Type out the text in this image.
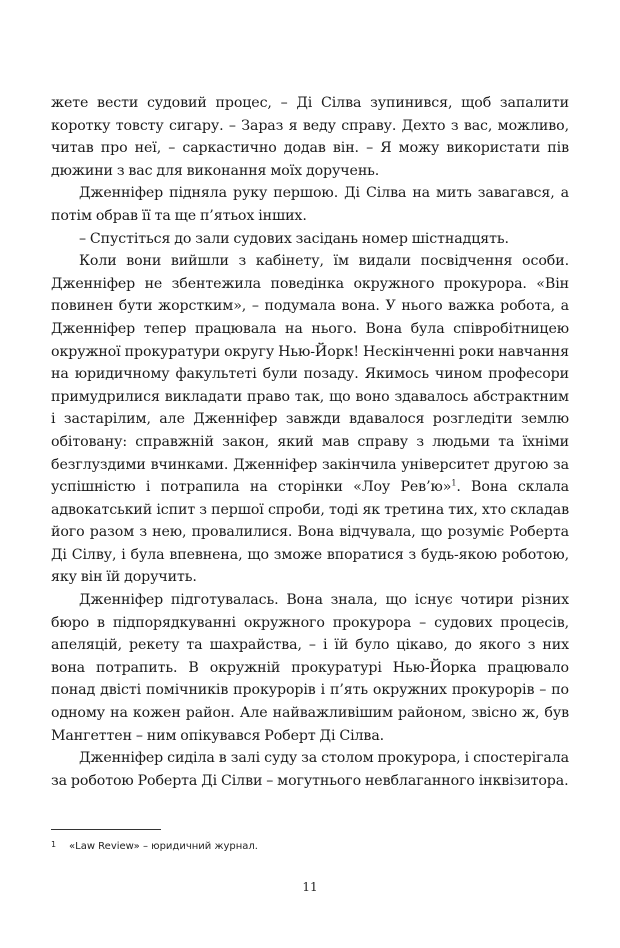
жете вести судовий процес, – Ді Сілва зупинився, щоб запалити коротку товсту сигару. – Зараз я веду справу. Дехто з вас, можливо, читав про неї, – саркастично додав він. – Я можу використати пів дюжини з вас для виконання моїх доручень.

Дженніфер підняла руку першою. Ді Сілва на мить завагався, а потім обрав її та ще п’ятьох інших.

– Спустіться до зали судових засідань номер шістнадцять.

Коли вони вийшли з кабінету, їм видали посвідчення особи. Дженніфер не збентежила поведінка окружного прокурора. «Він повинен бути жорстким», – подумала вона. У нього важка робота, а Дженніфер тепер працювала на нього. Вона була співробітницею окружної прокуратури округу Нью-Йорк! Нескінченні роки навчання на юридичному факультеті були позаду. Якимось чином професори примудрилися викладати право так, що воно здавалось абстрактним і застарілим, але Дженніфер завжди вдавалося розгледіти землю обітовану: справжній закон, який мав справу з людьми та їхніми безглуздими вчинками. Дженніфер закінчила університет другою за успішністю і потрапила на сторінки «Лоу Рев’ю»$^1$. Вона склала адвокатський іспит з першої спроби, тоді як третина тих, хто складав його разом з нею, провалилися. Вона відчувала, що розуміє Роберта Ді Сілву, і була впевнена, що зможе впоратися з будь-якою роботою, яку він їй доручить.

Дженніфер підготувалась. Вона знала, що існує чотири різних бюро в підпорядкуванні окружного прокурора – судових процесів, апеляцій, рекету та шахрайства, – і їй було цікаво, до якого з них вона потрапить. В окружній прокуратурі Нью-Йорка працювало понад двісті помічників прокурорів і п’ять окружних прокурорів – по одному на кожен район. Але найважливішим районом, звісно ж, був Мангеттен – ним опікувався Роберт Ді Сілва.

Дженніфер сиділа в залі суду за столом прокурора, і спостерігала за роботою Роберта Ді Сілви – могутнього невблаганного інквізитора.

1 «Law Review» – юридичний журнал.
11
